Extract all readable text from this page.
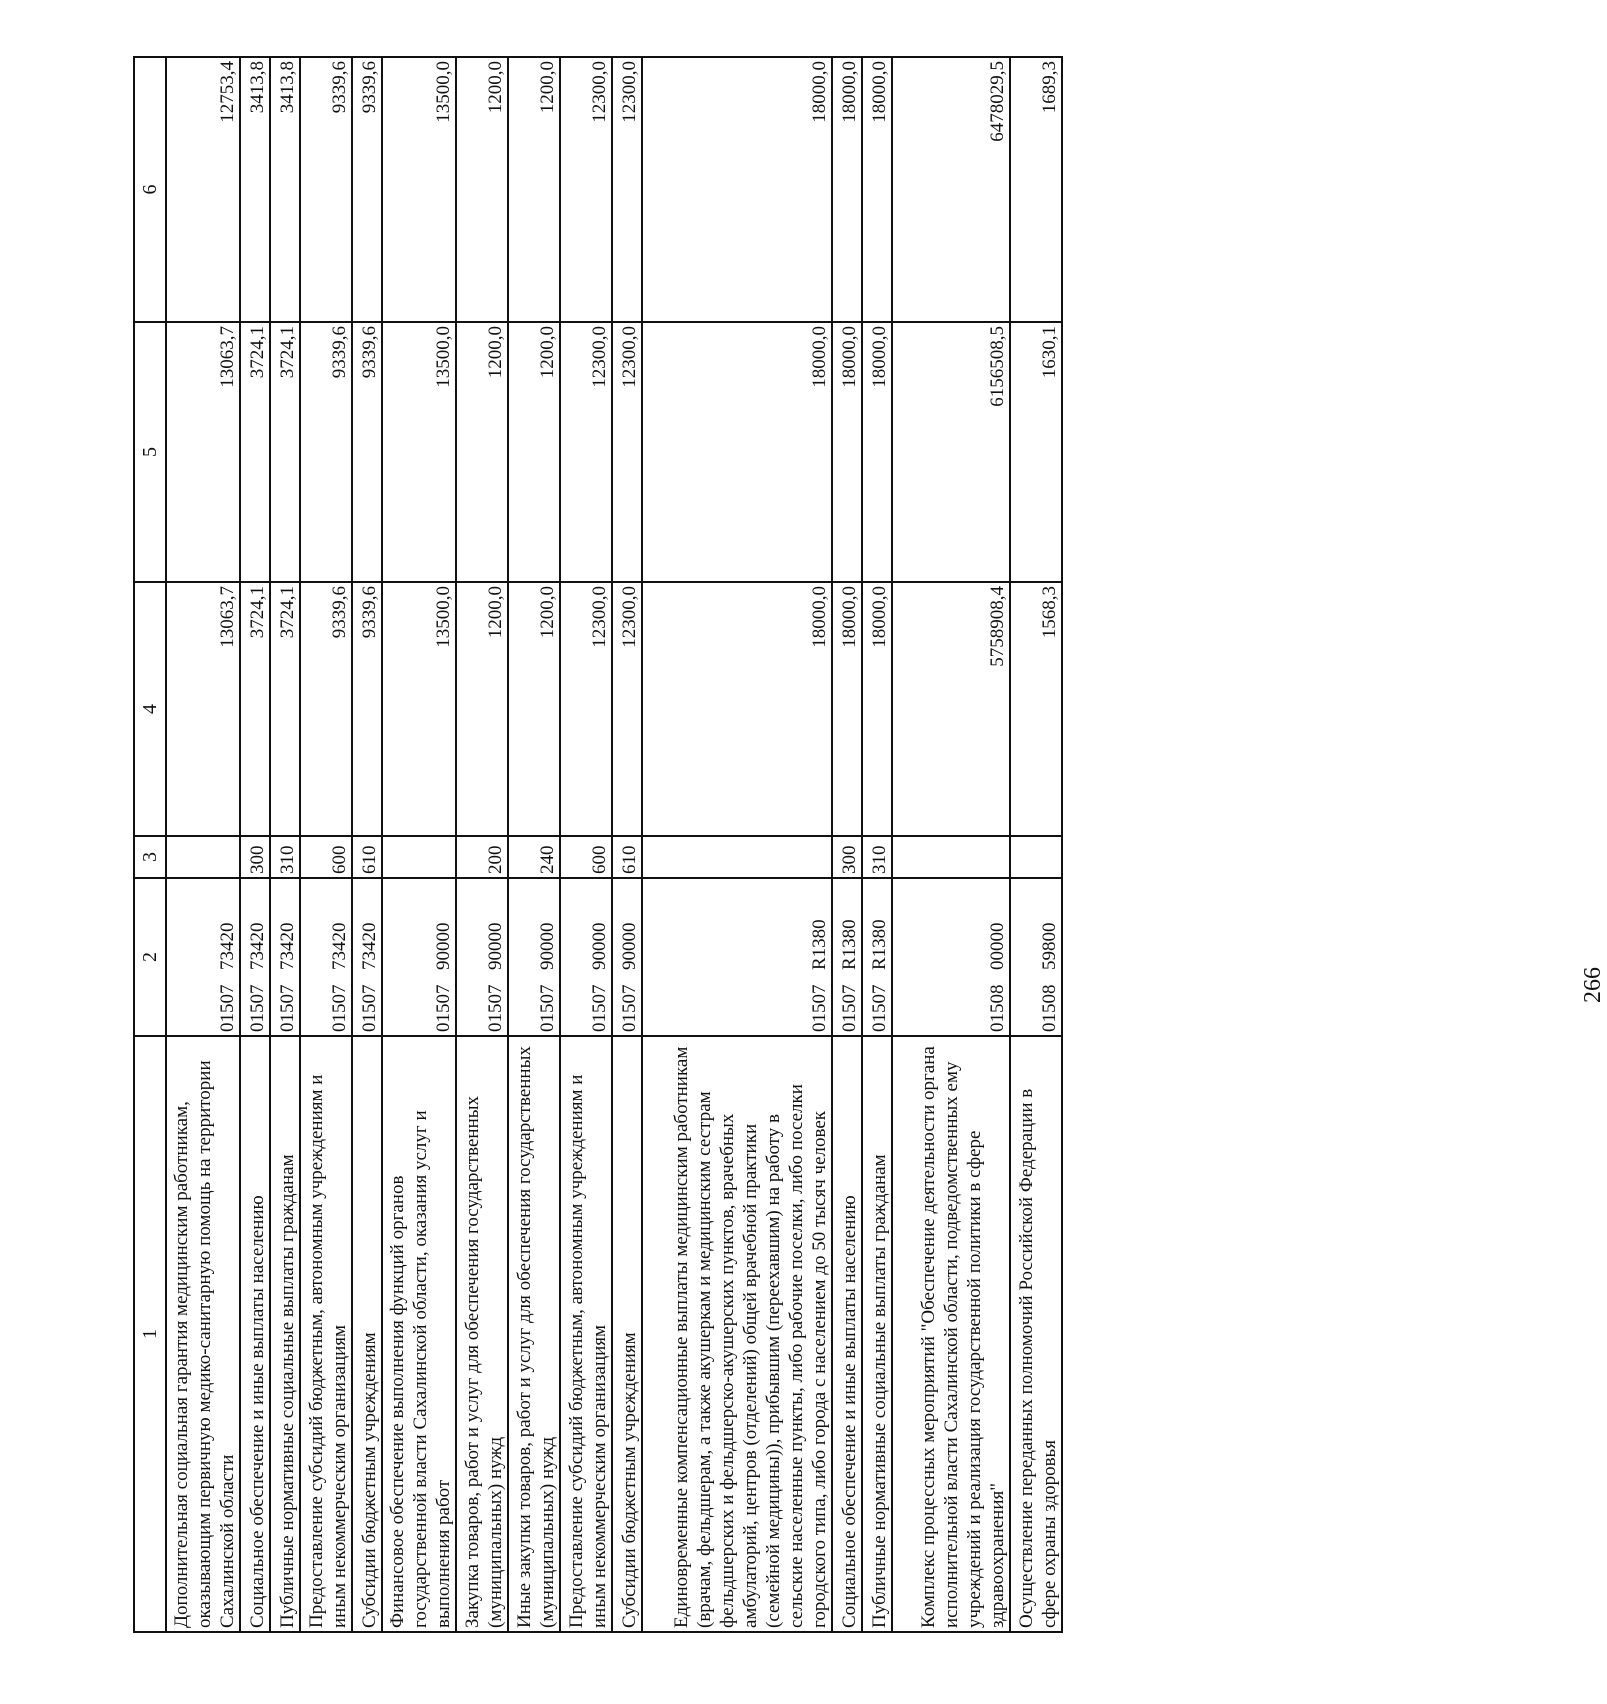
266
1	2	3	4	5	6
Дополнительная социальная гарантия медицинским работникам, оказывающим первичную медико-санитарную помощь на территории Сахалинской области	0150773420		13063,7	13063,7	12753,4
Социальное обеспечение и иные выплаты населению	0150773420	300	3724,1	3724,1	3413,8
Публичные нормативные социальные выплаты гражданам	0150773420	310	3724,1	3724,1	3413,8
Предоставление субсидий бюджетным, автономным учреждениям и иным некоммерческим организациям	0150773420	600	9339,6	9339,6	9339,6
Субсидии бюджетным учреждениям	0150773420	610	9339,6	9339,6	9339,6
Финансовое обеспечение выполнения функций органов государственной власти Сахалинской области, оказания услуг и выполнения работ	0150790000		13500,0	13500,0	13500,0
Закупка товаров, работ и услуг для обеспечения государственных (муниципальных) нужд	0150790000	200	1200,0	1200,0	1200,0
Иные закупки товаров, работ и услуг для обеспечения государственных (муниципальных) нужд	0150790000	240	1200,0	1200,0	1200,0
Предоставление субсидий бюджетным, автономным учреждениям и иным некоммерческим организациям	0150790000	600	12300,0	12300,0	12300,0
Субсидии бюджетным учреждениям	0150790000	610	12300,0	12300,0	12300,0
Единовременные компенсационные выплаты медицинским работникам (врачам, фельдшерам, а также акушеркам и медицинским сестрам фельдшерских и фельдшерско-акушерских пунктов, врачебных амбулаторий, центров (отделений) общей врачебной практики (семейной медицины)), прибывшим (переехавшим) на работу в сельские населенные пункты, либо рабочие поселки, либо поселки городского типа, либо города с населением до 50 тысяч человек	01507R1380		18000,0	18000,0	18000,0
Социальное обеспечение и иные выплаты населению	01507R1380	300	18000,0	18000,0	18000,0
Публичные нормативные социальные выплаты гражданам	01507R1380	310	18000,0	18000,0	18000,0
Комплекс процессных мероприятий "Обеспечение деятельности органа исполнительной власти Сахалинской области, подведомственных ему учреждений и реализация государственной политики в сфере здравоохранения"	0150800000		5758908,4	6156508,5	6478029,5
Осуществление переданных полномочий Российской Федерации в сфере охраны здоровья	0150859800		1568,3	1630,1	1689,3
